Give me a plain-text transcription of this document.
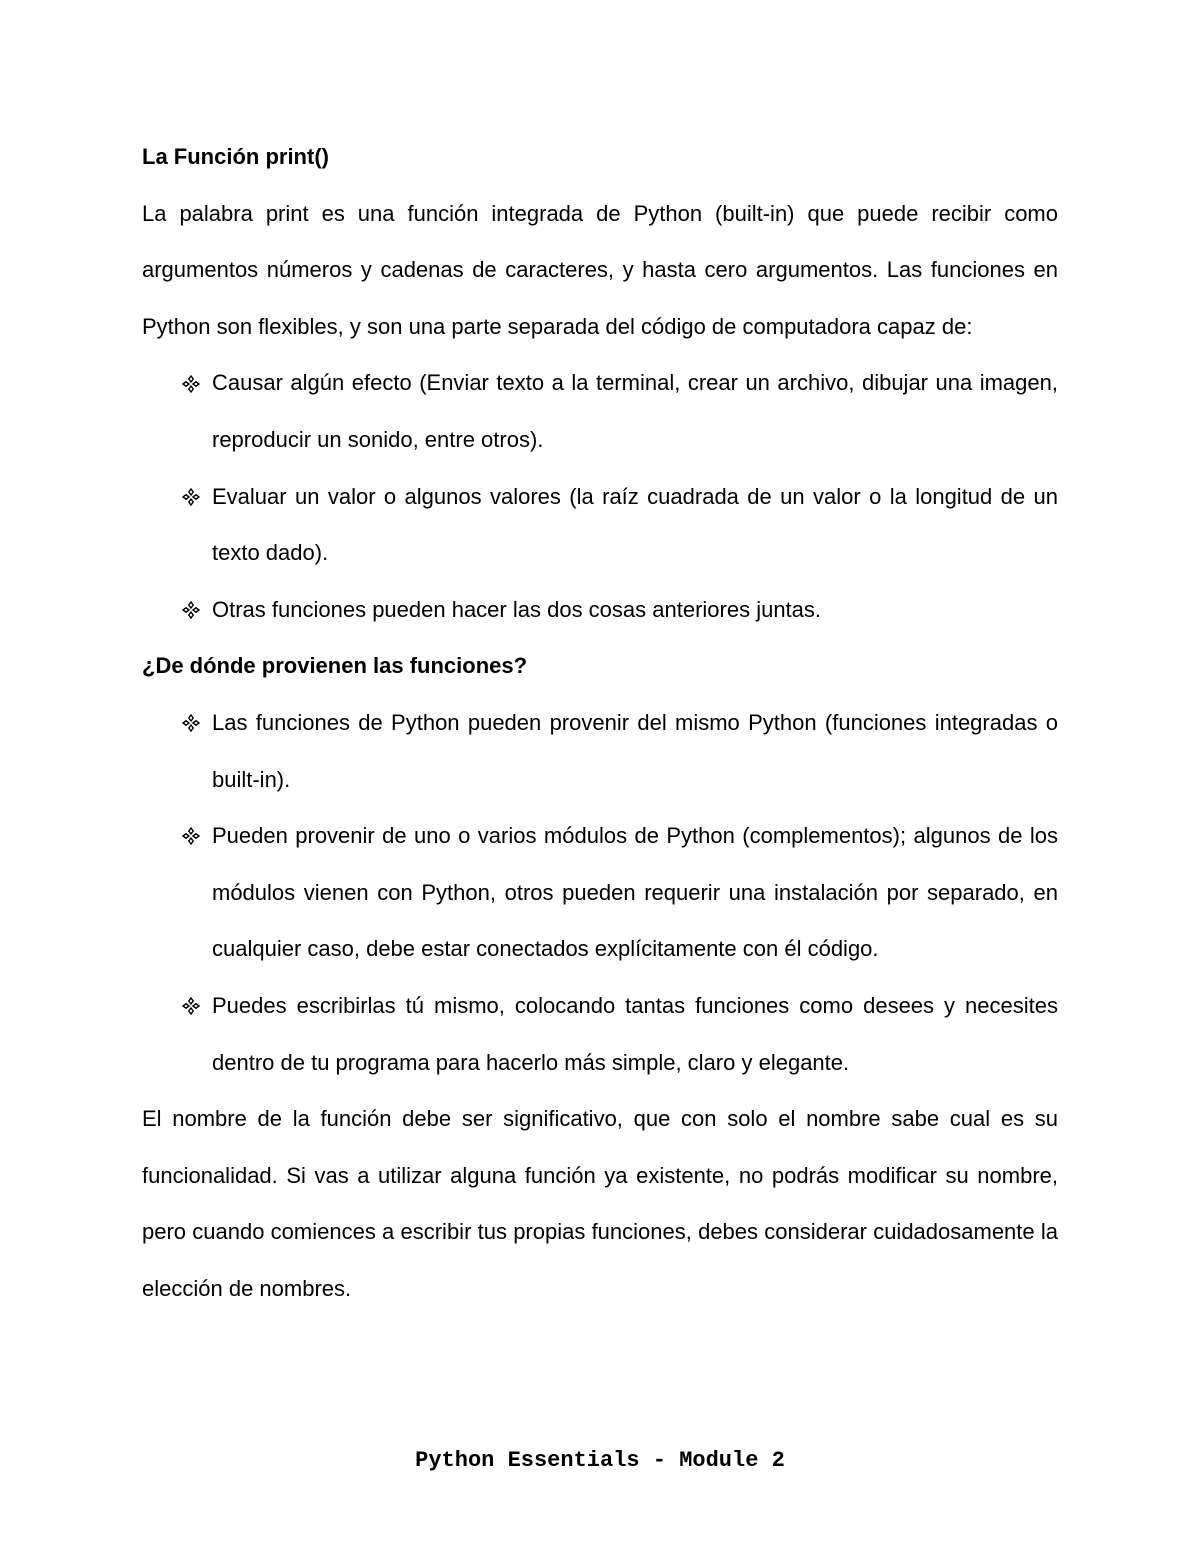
La Función print()

La palabra print es una función integrada de Python (built-in) que puede recibir como argumentos números y cadenas de caracteres, y hasta cero argumentos. Las funciones en Python son flexibles, y son una parte separada del código de computadora capaz de:

Causar algún efecto (Enviar texto a la terminal, crear un archivo, dibujar una imagen, reproducir un sonido, entre otros).
Evaluar un valor o algunos valores (la raíz cuadrada de un valor o la longitud de un texto dado).
Otras funciones pueden hacer las dos cosas anteriores juntas.
¿De dónde provienen las funciones?
Las funciones de Python pueden provenir del mismo Python (funciones integradas o built-in).
Pueden provenir de uno o varios módulos de Python (complementos); algunos de los módulos vienen con Python, otros pueden requerir una instalación por separado, en cualquier caso, debe estar conectados explícitamente con él código.
Puedes escribirlas tú mismo, colocando tantas funciones como desees y necesites dentro de tu programa para hacerlo más simple, claro y elegante.

El nombre de la función debe ser significativo, que con solo el nombre sabe cual es su funcionalidad. Si vas a utilizar alguna función ya existente, no podrás modificar su nombre, pero cuando comiences a escribir tus propias funciones, debes considerar cuidadosamente la elección de nombres.

Python Essentials - Module 2
